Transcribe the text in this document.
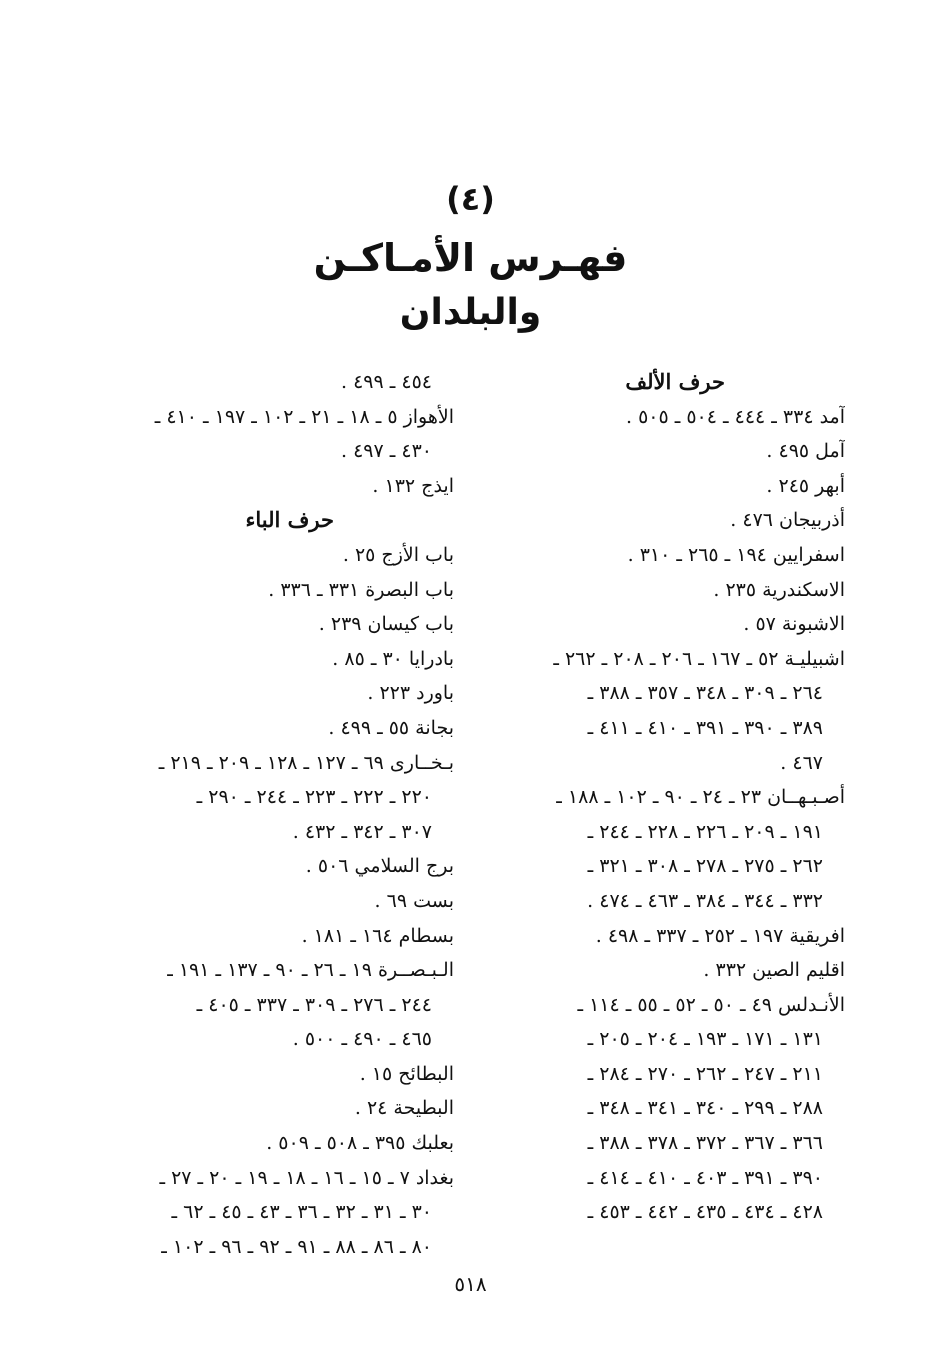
(٤)
فهـرس الأمـاكـن
والبلدان
حرف الألف
آمد ٣٣٤ ـ ٤٤٤ ـ ٥٠٤ ـ ٥٠٥ .
آمل ٤٩٥ .
أبهر ٢٤٥ .
أذربيجان ٤٧٦ .
اسفرايين ١٩٤ ـ ٢٦٥ ـ ٣١٠ .
الاسكندرية ٢٣٥ .
الاشبونة ٥٧ .
اشبيليـة ٥٢ ـ ١٦٧ ـ ٢٠٦ ـ ٢٠٨ ـ ٢٦٢ ـ
٢٦٤ ـ ٣٠٩ ـ ٣٤٨ ـ ٣٥٧ ـ ٣٨٨ ـ
٣٨٩ ـ ٣٩٠ ـ ٣٩١ ـ ٤١٠ ـ ٤١١ ـ
٤٦٧ .
أصـبـهــان ٢٣ ـ ٢٤ ـ ٩٠ ـ ١٠٢ ـ ١٨٨ ـ
١٩١ ـ ٢٠٩ ـ ٢٢٦ ـ ٢٢٨ ـ ٢٤٤ ـ
٢٦٢ ـ ٢٧٥ ـ ٢٧٨ ـ ٣٠٨ ـ ٣٢١ ـ
٣٣٢ ـ ٣٤٤ ـ ٣٨٤ ـ ٤٦٣ ـ ٤٧٤ .
افريقية ١٩٧ ـ ٢٥٢ ـ ٣٣٧ ـ ٤٩٨ .
اقليم الصين ٣٣٢ .
الأنـدلس ٤٩ ـ ٥٠ ـ ٥٢ ـ ٥٥ ـ ١١٤ ـ
١٣١ ـ ١٧١ ـ ١٩٣ ـ ٢٠٤ ـ ٢٠٥ ـ
٢١١ ـ ٢٤٧ ـ ٢٦٢ ـ ٢٧٠ ـ ٢٨٤ ـ
٢٨٨ ـ ٢٩٩ ـ ٣٤٠ ـ ٣٤١ ـ ٣٤٨ ـ
٣٦٦ ـ ٣٦٧ ـ ٣٧٢ ـ ٣٧٨ ـ ٣٨٨ ـ
٣٩٠ ـ ٣٩١ ـ ٤٠٣ ـ ٤١٠ ـ ٤١٤ ـ
٤٢٨ ـ ٤٣٤ ـ ٤٣٥ ـ ٤٤٢ ـ ٤٥٣ ـ
٤٥٤ ـ ٤٩٩ .
الأهواز ٥ ـ ١٨ ـ ٢١ ـ ١٠٢ ـ ١٩٧ ـ ٤١٠ ـ
٤٣٠ ـ ٤٩٧ .
ايذج ١٣٢ .
حرف الباء
باب الأزج ٢٥ .
باب البصرة ٣٣١ ـ ٣٣٦ .
باب كيسان ٢٣٩ .
بادرايا ٣٠ ـ ٨٥ .
باورد ٢٢٣ .
بجانة ٥٥ ـ ٤٩٩ .
بـخــارى ٦٩ ـ ١٢٧ ـ ١٢٨ ـ ٢٠٩ ـ ٢١٩ ـ
٢٢٠ ـ ٢٢٢ ـ ٢٢٣ ـ ٢٤٤ ـ ٢٩٠ ـ
٣٠٧ ـ ٣٤٢ ـ ٤٣٢ .
برج السلامي ٥٠٦ .
بست ٦٩ .
بسطام ١٦٤ ـ ١٨١ .
الـبـصــرة ١٩ ـ ٢٦ ـ ٩٠ ـ ١٣٧ ـ ١٩١ ـ
٢٤٤ ـ ٢٧٦ ـ ٣٠٩ ـ ٣٣٧ ـ ٤٠٥ ـ
٤٦٥ ـ ٤٩٠ ـ ٥٠٠ .
البطائح ١٥ .
البطيحة ٢٤ .
بعلبك ٣٩٥ ـ ٥٠٨ ـ ٥٠٩ .
بغداد ٧ ـ ١٥ ـ ١٦ ـ ١٨ ـ ١٩ ـ ٢٠ ـ ٢٧ ـ
٣٠ ـ ٣١ ـ ٣٢ ـ ٣٦ ـ ٤٣ ـ ٤٥ ـ ٦٢ ـ
٨٠ ـ ٨٦ ـ ٨٨ ـ ٩١ ـ ٩٢ ـ ٩٦ ـ ١٠٢ ـ
٥١٨
